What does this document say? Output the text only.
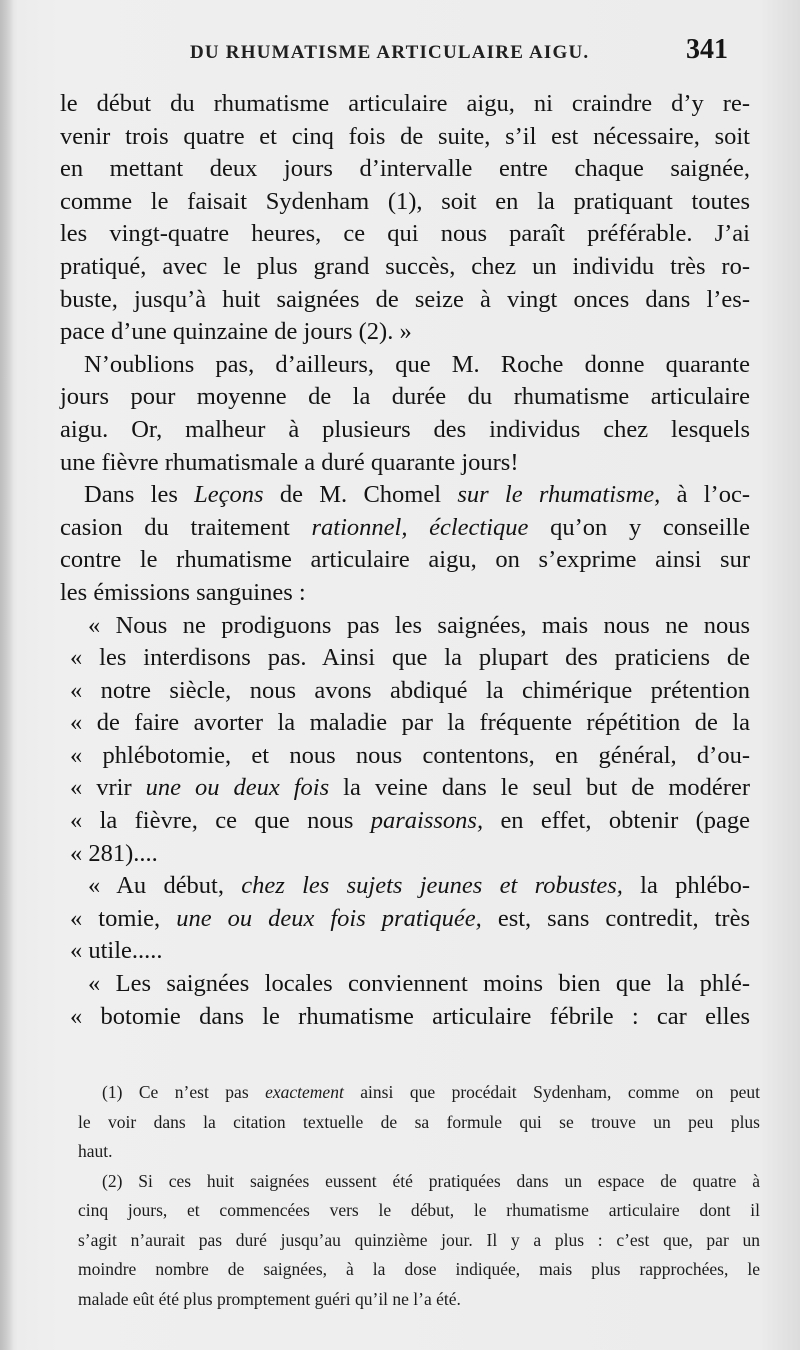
DU RHUMATISME ARTICULAIRE AIGU.	341
le début du rhumatisme articulaire aigu, ni craindre d’y re-
venir trois quatre et cinq fois de suite, s’il est nécessaire, soit
en mettant deux jours d’intervalle entre chaque saignée,
comme le faisait Sydenham (1), soit en la pratiquant toutes
les vingt-quatre heures, ce qui nous paraît préférable. J’ai
pratiqué, avec le plus grand succès, chez un individu très ro-
buste, jusqu’à huit saignées de seize à vingt onces dans l’es-
pace d’une quinzaine de jours (2). »
N’oublions pas, d’ailleurs, que M. Roche donne quarante
jours pour moyenne de la durée du rhumatisme articulaire
aigu. Or, malheur à plusieurs des individus chez lesquels
une fièvre rhumatismale a duré quarante jours!
Dans les Leçons de M. Chomel sur le rhumatisme, à l’oc-
casion du traitement rationnel, éclectique qu’on y conseille
contre le rhumatisme articulaire aigu, on s’exprime ainsi sur
les émissions sanguines :
« Nous ne prodiguons pas les saignées, mais nous ne nous
« les interdisons pas. Ainsi que la plupart des praticiens de
« notre siècle, nous avons abdiqué la chimérique prétention
« de faire avorter la maladie par la fréquente répétition de la
« phlébotomie, et nous nous contentons, en général, d’ou-
« vrir une ou deux fois la veine dans le seul but de modérer
« la fièvre, ce que nous paraissons, en effet, obtenir (page
« 281)....
« Au début, chez les sujets jeunes et robustes, la phlébo-
« tomie, une ou deux fois pratiquée, est, sans contredit, très
« utile.....
« Les saignées locales conviennent moins bien que la phlé-
« botomie dans le rhumatisme articulaire fébrile : car elles
(1) Ce n’est pas exactement ainsi que procédait Sydenham, comme on peut
le voir dans la citation textuelle de sa formule qui se trouve un peu plus
haut.
(2) Si ces huit saignées eussent été pratiquées dans un espace de quatre à
cinq jours, et commencées vers le début, le rhumatisme articulaire dont il
s’agit n’aurait pas duré jusqu’au quinzième jour. Il y a plus : c’est que, par un
moindre nombre de saignées, à la dose indiquée, mais plus rapprochées, le
malade eût été plus promptement guéri qu’il ne l’a été.
